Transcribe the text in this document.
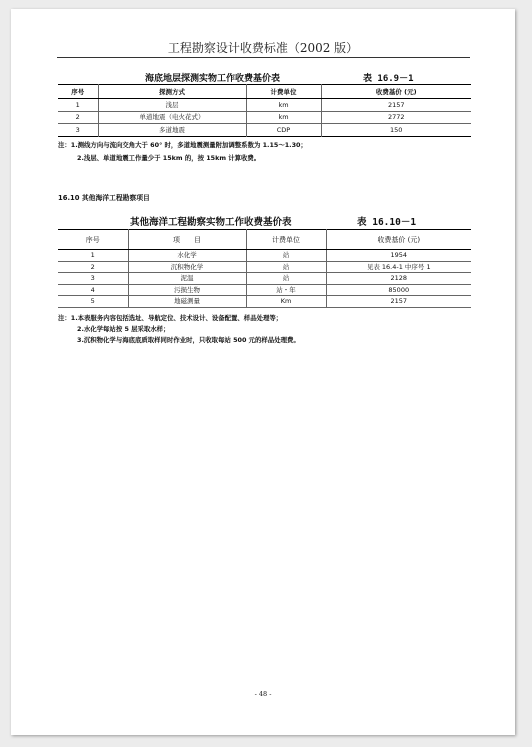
工程勘察设计收费标准（2002 版）
海底地层探测实物工作收费基价表	表 16.9－1
序号	探测方式	计费单位	收费基价 (元)
1	浅层	km	2157
2	单道地震（电火花式）	km	2772
3	多道地震	CDP	150
注：1.测线方向与流向交角大于 60° 时，多道地震测量附加调整系数为 1.15～1.30；
2.浅层、单道地震工作量少于 15km 的，按 15km 计算收费。
16.10 其他海洋工程勘察项目
其他海洋工程勘察实物工作收费基价表	表 16.10－1
序号	项　　目	计费单位	收费基价 (元)
1	水化学	站	1954
2	沉积物化学	站	见表 16.4-1 中序号 1
3	泥温	站	2128
4	污损生物	站・年	85000
5	地磁测量	Km	2157
注：1.本表服务内容包括选址、导航定位、技术设计、设备配置、样品处理等；
2.水化学每站按 5 层采取水样；
3.沉积物化学与海底底质取样同时作业时，只收取每站 500 元的样品处理费。
- 48 -
